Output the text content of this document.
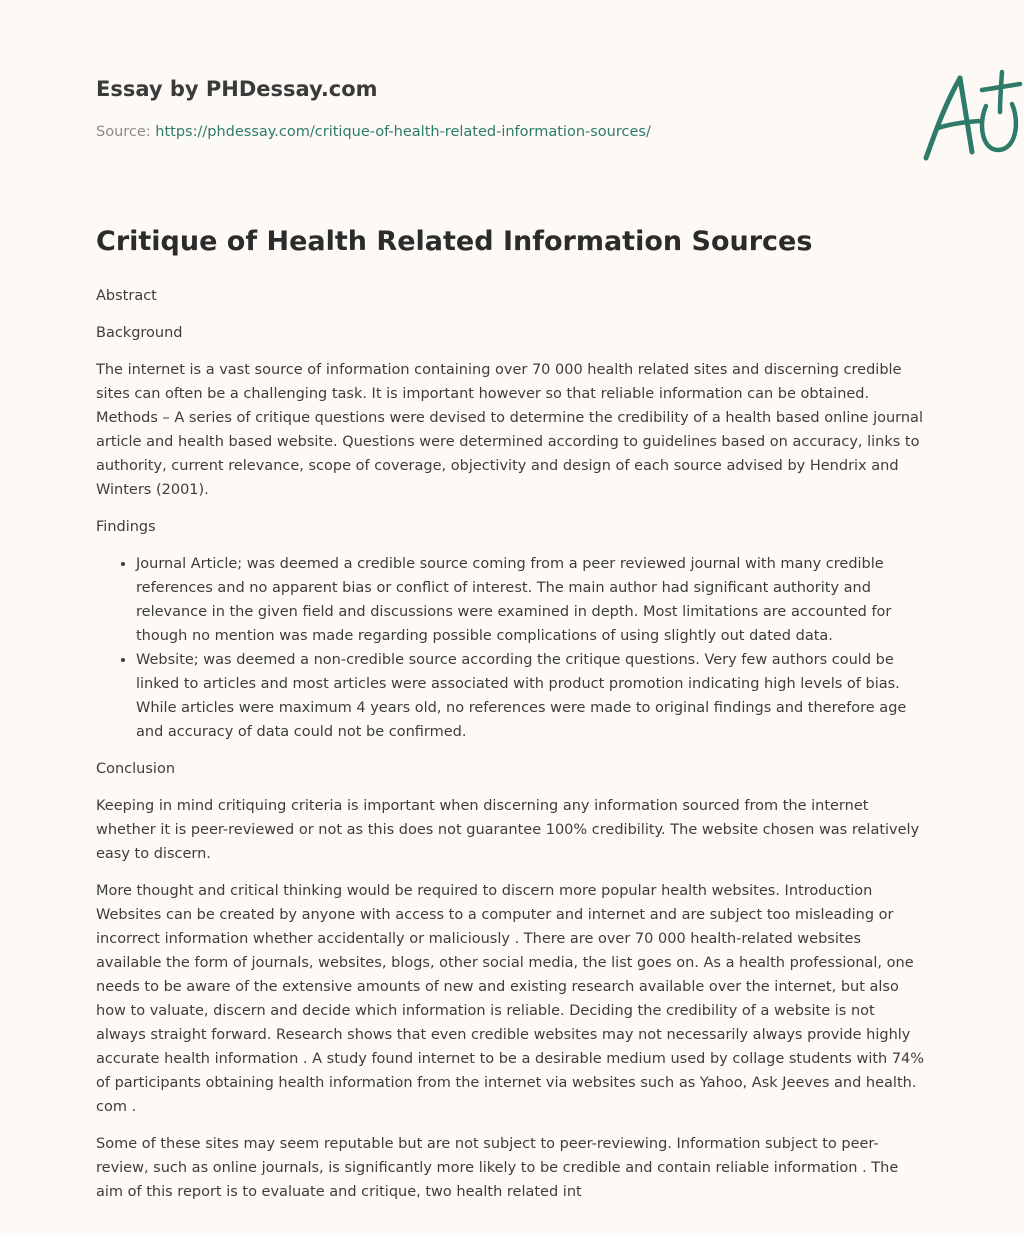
Essay by PHDessay.com

Source: https://phdessay.com/critique-of-health-related-information-sources/

Critique of Health Related Information Sources

Abstract

Background

The internet is a vast source of information containing over 70 000 health related sites and discerning credible sites can often be a challenging task. It is important however so that reliable information can be obtained. Methods – A series of critique questions were devised to determine the credibility of a health based online journal article and health based website. Questions were determined according to guidelines based on accuracy, links to authority, current relevance, scope of coverage, objectivity and design of each source advised by Hendrix and Winters (2001).

Findings

• Journal Article; was deemed a credible source coming from a peer reviewed journal with many credible references and no apparent bias or conflict of interest. The main author had significant authority and relevance in the given field and discussions were examined in depth. Most limitations are accounted for though no mention was made regarding possible complications of using slightly out dated data.
• Website; was deemed a non-credible source according the critique questions. Very few authors could be linked to articles and most articles were associated with product promotion indicating high levels of bias. While articles were maximum 4 years old, no references were made to original findings and therefore age and accuracy of data could not be confirmed.

Conclusion

Keeping in mind critiquing criteria is important when discerning any information sourced from the internet whether it is peer-reviewed or not as this does not guarantee 100% credibility. The website chosen was relatively easy to discern.

More thought and critical thinking would be required to discern more popular health websites. Introduction Websites can be created by anyone with access to a computer and internet and are subject too misleading or incorrect information whether accidentally or maliciously . There are over 70 000 health-related websites available the form of journals, websites, blogs, other social media, the list goes on. As a health professional, one needs to be aware of the extensive amounts of new and existing research available over the internet, but also how to valuate, discern and decide which information is reliable. Deciding the credibility of a website is not always straight forward. Research shows that even credible websites may not necessarily always provide highly accurate health information . A study found internet to be a desirable medium used by collage students with 74% of participants obtaining health information from the internet via websites such as Yahoo, Ask Jeeves and health. com .

Some of these sites may seem reputable but are not subject to peer-reviewing. Information subject to peer-review, such as online journals, is significantly more likely to be credible and contain reliable information . The aim of this report is to evaluate and critique, two health related int
